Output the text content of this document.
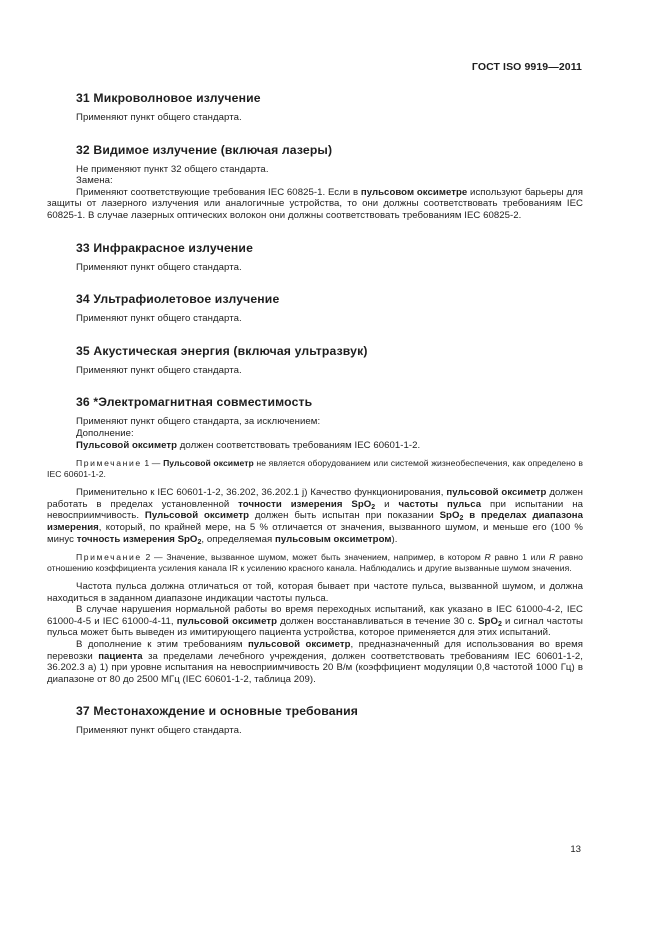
ГОСТ ISO 9919—2011
31 Микроволновое излучение

Применяют пункт общего стандарта.

32 Видимое излучение (включая лазеры)

Не применяют пункт 32 общего стандарта.

Замена:

Применяют соответствующие требования IEC 60825-1. Если в пульсовом оксиметре используют барьеры для защиты от лазерного излучения или аналогичные устройства, то они должны соответствовать требованиям IEC 60825-1. В случае лазерных оптических волокон они должны соответствовать требованиям IEC 60825-2.

33 Инфракрасное излучение

Применяют пункт общего стандарта.

34 Ультрафиолетовое излучение

Применяют пункт общего стандарта.

35 Акустическая энергия (включая ультразвук)

Применяют пункт общего стандарта.

36 *Электромагнитная совместимость

Применяют пункт общего стандарта, за исключением:

Дополнение:

Пульсовой оксиметр должен соответствовать требованиям IEC 60601-1-2.

Примечание 1 — Пульсовой оксиметр не является оборудованием или системой жизнеобеспечения, как определено в IEC 60601-1-2.

Применительно к IEC 60601-1-2, 36.202, 36.202.1 j) Качество функционирования, пульсовой оксиметр должен работать в пределах установленной точности измерения SpO$_2$ и частоты пульса при испытании на невосприимчивость. Пульсовой оксиметр должен быть испытан при показании SpO$_2$ в пределах диапазона измерения, который, по крайней мере, на 5 % отличается от значения, вызванного шумом, и меньше его (100 % минус точность измерения SpO$_2$, определяемая пульсовым оксиметром).

Примечание 2 — Значение, вызванное шумом, может быть значением, например, в котором R равно 1 или R равно отношению коэффициента усиления канала IR к усилению красного канала. Наблюдались и другие вызванные шумом значения.

Частота пульса должна отличаться от той, которая бывает при частоте пульса, вызванной шумом, и должна находиться в заданном диапазоне индикации частоты пульса.

В случае нарушения нормальной работы во время переходных испытаний, как указано в IEC 61000-4-2, IEC 61000-4-5 и IEC 61000-4-11, пульсовой оксиметр должен восстанавливаться в течение 30 с. SpO$_2$ и сигнал частоты пульса может быть выведен из имитирующего пациента устройства, которое применяется для этих испытаний.

В дополнение к этим требованиям пульсовой оксиметр, предназначенный для использования во время перевозки пациента за пределами лечебного учреждения, должен соответствовать требованиям IEC 60601-1-2, 36.202.3 а) 1) при уровне испытания на невосприимчивость 20 В/м (коэффициент модуляции 0,8 частотой 1000 Гц) в диапазоне от 80 до 2500 МГц (IEC 60601-1-2, таблица 209).

37 Местонахождение и основные требования

Применяют пункт общего стандарта.

13
